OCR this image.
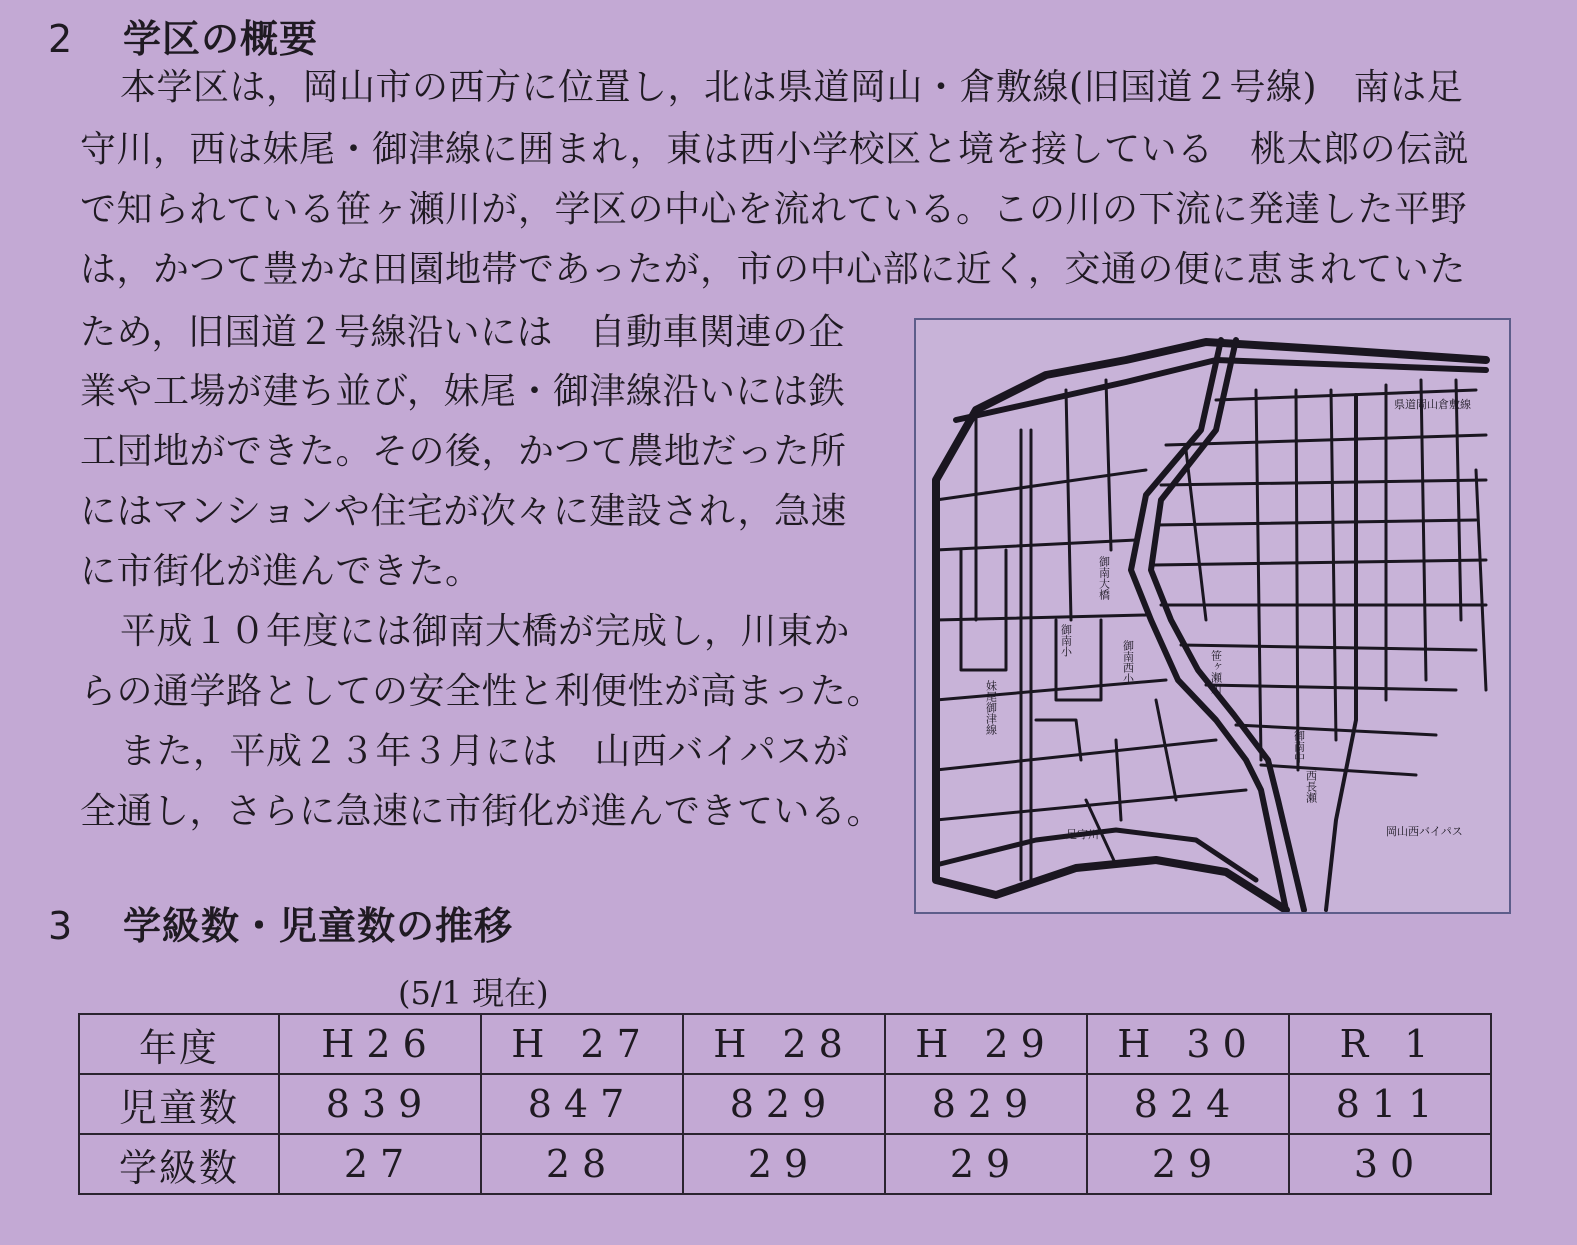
2 学区の概要
本学区は，岡山市の西方に位置し，北は県道岡山・倉敷線(旧国道２号線)　南は足
守川，西は妹尾・御津線に囲まれ，東は西小学校区と境を接している　桃太郎の伝説
で知られている笹ヶ瀬川が，学区の中心を流れている。この川の下流に発達した平野
は，かつて豊かな田園地帯であったが，市の中心部に近く，交通の便に恵まれていた
ため，旧国道２号線沿いには　自動車関連の企
業や工場が建ち並び，妹尾・御津線沿いには鉄
工団地ができた。その後，かつて農地だった所
にはマンションや住宅が次々に建設され，急速
に市街化が進んできた。
平成１０年度には御南大橋が完成し，川東か
らの通学路としての安全性と利便性が高まった。
また，平成２３年３月には　山西バイパスが
全通し，さらに急速に市街化が進んできている。
県道岡山倉敷線
御南大橋
御南小	御南西小
妹尾御津線
笹ヶ瀬川
御南中
西長瀬
岡山西バイパス
足守川
3 学級数・児童数の推移
(5/1 現在)
年度	H26	H 27	H 28	H 29	H 30	R 1
児童数	839	847	829	829	824	811
学級数	27	28	29	29	29	30
